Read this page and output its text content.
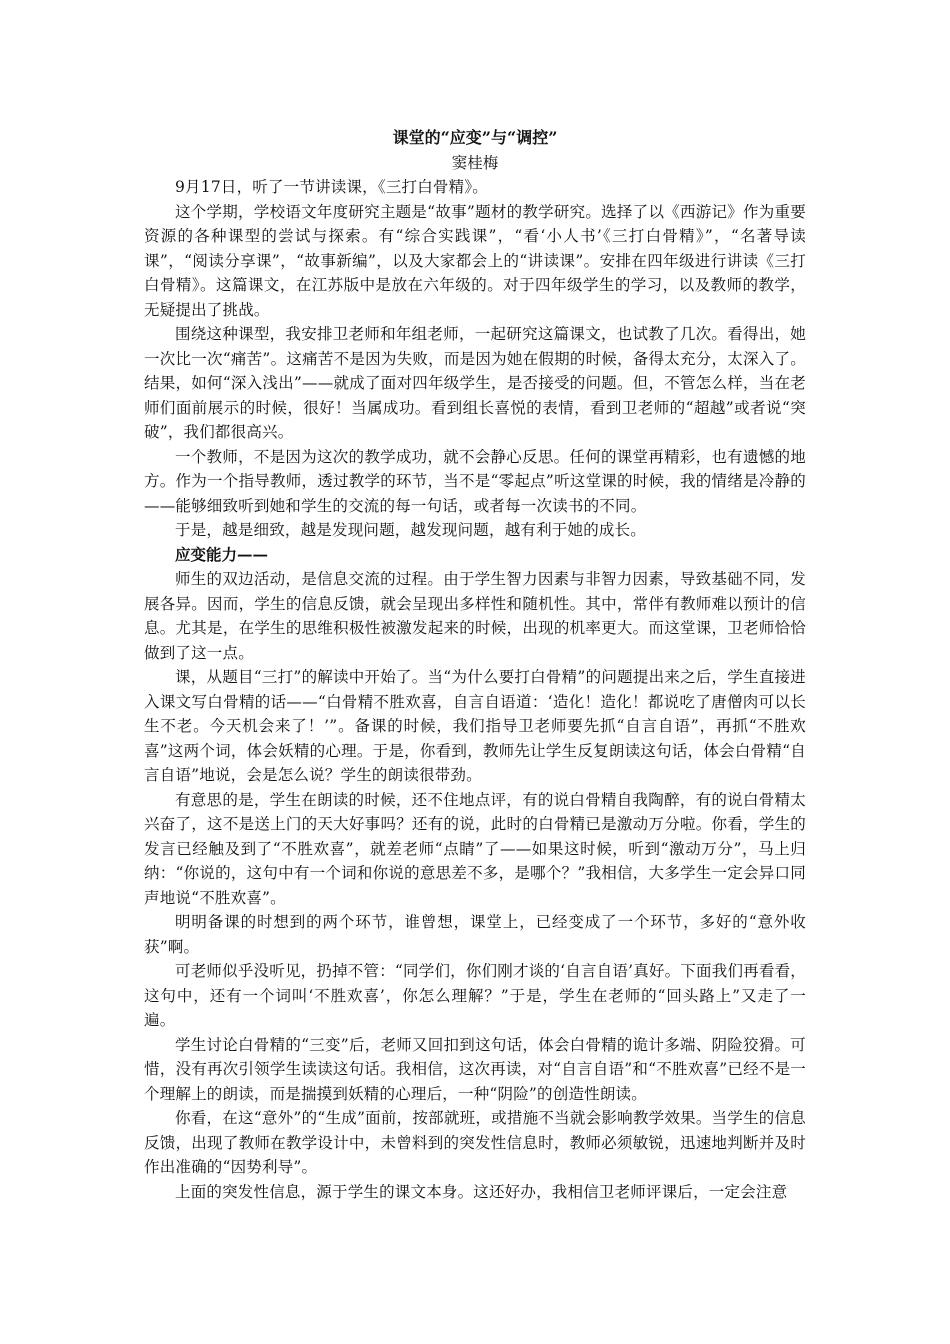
课堂的“应变”与“调控”
窦桂梅

9月17日，听了一节讲读课，《三打白骨精》。

这个学期，学校语文年度研究主题是“故事”题材的教学研究。选择了以《西游记》作为重要资源的各种课型的尝试与探索。有“综合实践课”，“看‘小人书’《三打白骨精》”，“名著导读课”，“阅读分享课”，“故事新编”，以及大家都会上的“讲读课”。安排在四年级进行讲读《三打白骨精》。这篇课文，在江苏版中是放在六年级的。对于四年级学生的学习，以及教师的教学，无疑提出了挑战。

围绕这种课型，我安排卫老师和年组老师，一起研究这篇课文，也试教了几次。看得出，她一次比一次“痛苦”。这痛苦不是因为失败，而是因为她在假期的时候，备得太充分，太深入了。结果，如何“深入浅出”——就成了面对四年级学生，是否接受的问题。但，不管怎么样，当在老师们面前展示的时候，很好！当属成功。看到组长喜悦的表情，看到卫老师的“超越”或者说“突破”，我们都很高兴。

一个教师，不是因为这次的教学成功，就不会静心反思。任何的课堂再精彩，也有遗憾的地方。作为一个指导教师，透过教学的环节，当不是“零起点”听这堂课的时候，我的情绪是冷静的——能够细致听到她和学生的交流的每一句话，或者每一次读书的不同。

于是，越是细致，越是发现问题，越发现问题，越有利于她的成长。

应变能力——

师生的双边活动，是信息交流的过程。由于学生智力因素与非智力因素，导致基础不同，发展各异。因而，学生的信息反馈，就会呈现出多样性和随机性。其中，常伴有教师难以预计的信息。尤其是，在学生的思维积极性被激发起来的时候，出现的机率更大。而这堂课，卫老师恰恰做到了这一点。

课，从题目“三打”的解读中开始了。当“为什么要打白骨精”的问题提出来之后，学生直接进入课文写白骨精的话——“白骨精不胜欢喜，自言自语道：‘造化！造化！都说吃了唐僧肉可以长生不老。今天机会来了！’”。备课的时候，我们指导卫老师要先抓“自言自语”，再抓“不胜欢喜”这两个词，体会妖精的心理。于是，你看到，教师先让学生反复朗读这句话，体会白骨精“自言自语”地说，会是怎么说？学生的朗读很带劲。

有意思的是，学生在朗读的时候，还不住地点评，有的说白骨精自我陶醉，有的说白骨精太兴奋了，这不是送上门的天大好事吗？还有的说，此时的白骨精已是激动万分啦。你看，学生的发言已经触及到了“不胜欢喜”，就差老师“点睛”了——如果这时候，听到“激动万分”，马上归纳：“你说的，这句中有一个词和你说的意思差不多，是哪个？”我相信，大多学生一定会异口同声地说“不胜欢喜”。

明明备课的时想到的两个环节，谁曾想，课堂上，已经变成了一个环节，多好的“意外收获”啊。

可老师似乎没听见，扔掉不管：“同学们，你们刚才谈的‘自言自语’真好。下面我们再看看，这句中，还有一个词叫‘不胜欢喜’，你怎么理解？”于是，学生在老师的“回头路上”又走了一遍。

学生讨论白骨精的“三变”后，老师又回扣到这句话，体会白骨精的诡计多端、阴险狡猾。可惜，没有再次引领学生读读这句话。我相信，这次再读，对“自言自语”和“不胜欢喜”已经不是一个理解上的朗读，而是揣摸到妖精的心理后，一种“阴险”的创造性朗读。

你看，在这“意外”的“生成”面前，按部就班，或措施不当就会影响教学效果。当学生的信息反馈，出现了教师在教学设计中，未曾料到的突发性信息时，教师必须敏锐，迅速地判断并及时作出准确的“因势利导”。

上面的突发性信息，源于学生的课文本身。这还好办，我相信卫老师评课后，一定会注意
